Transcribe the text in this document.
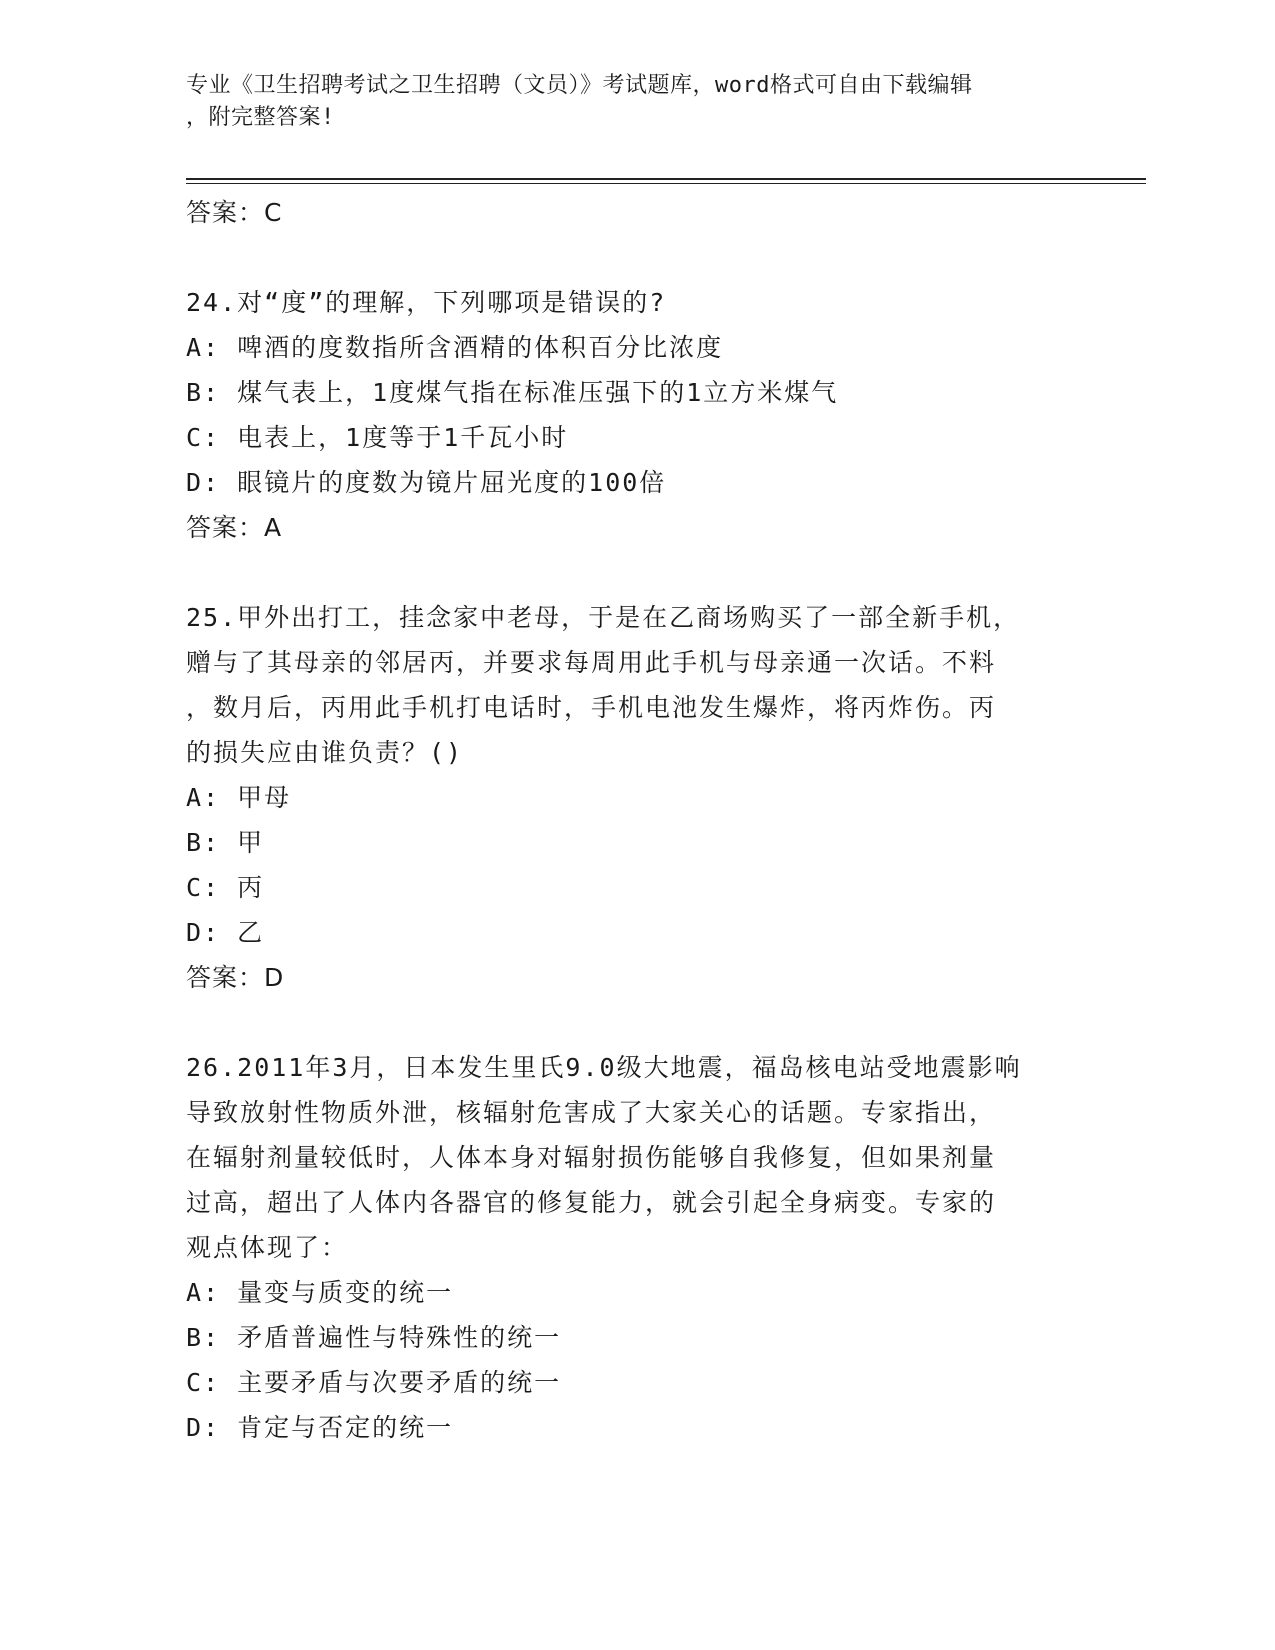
专业《卫生招聘考试之卫生招聘（文员）》考试题库，word格式可自由下载编辑
，附完整答案!
答案：C
24.对“度”的理解，下列哪项是错误的?
A: 啤酒的度数指所含酒精的体积百分比浓度
B: 煤气表上，1度煤气指在标准压强下的1立方米煤气
C: 电表上，1度等于1千瓦小时
D: 眼镜片的度数为镜片屈光度的100倍
答案：A
25.甲外出打工，挂念家中老母，于是在乙商场购买了一部全新手机，
赠与了其母亲的邻居丙，并要求每周用此手机与母亲通一次话。不料
，数月后，丙用此手机打电话时，手机电池发生爆炸，将丙炸伤。丙
的损失应由谁负责？()
A: 甲母
B: 甲
C: 丙
D: 乙
答案：D
26.2011年3月，日本发生里氏9.0级大地震，福岛核电站受地震影响
导致放射性物质外泄，核辐射危害成了大家关心的话题。专家指出，
在辐射剂量较低时，人体本身对辐射损伤能够自我修复，但如果剂量
过高，超出了人体内各器官的修复能力，就会引起全身病变。专家的
观点体现了：
A: 量变与质变的统一
B: 矛盾普遍性与特殊性的统一
C: 主要矛盾与次要矛盾的统一
D: 肯定与否定的统一
